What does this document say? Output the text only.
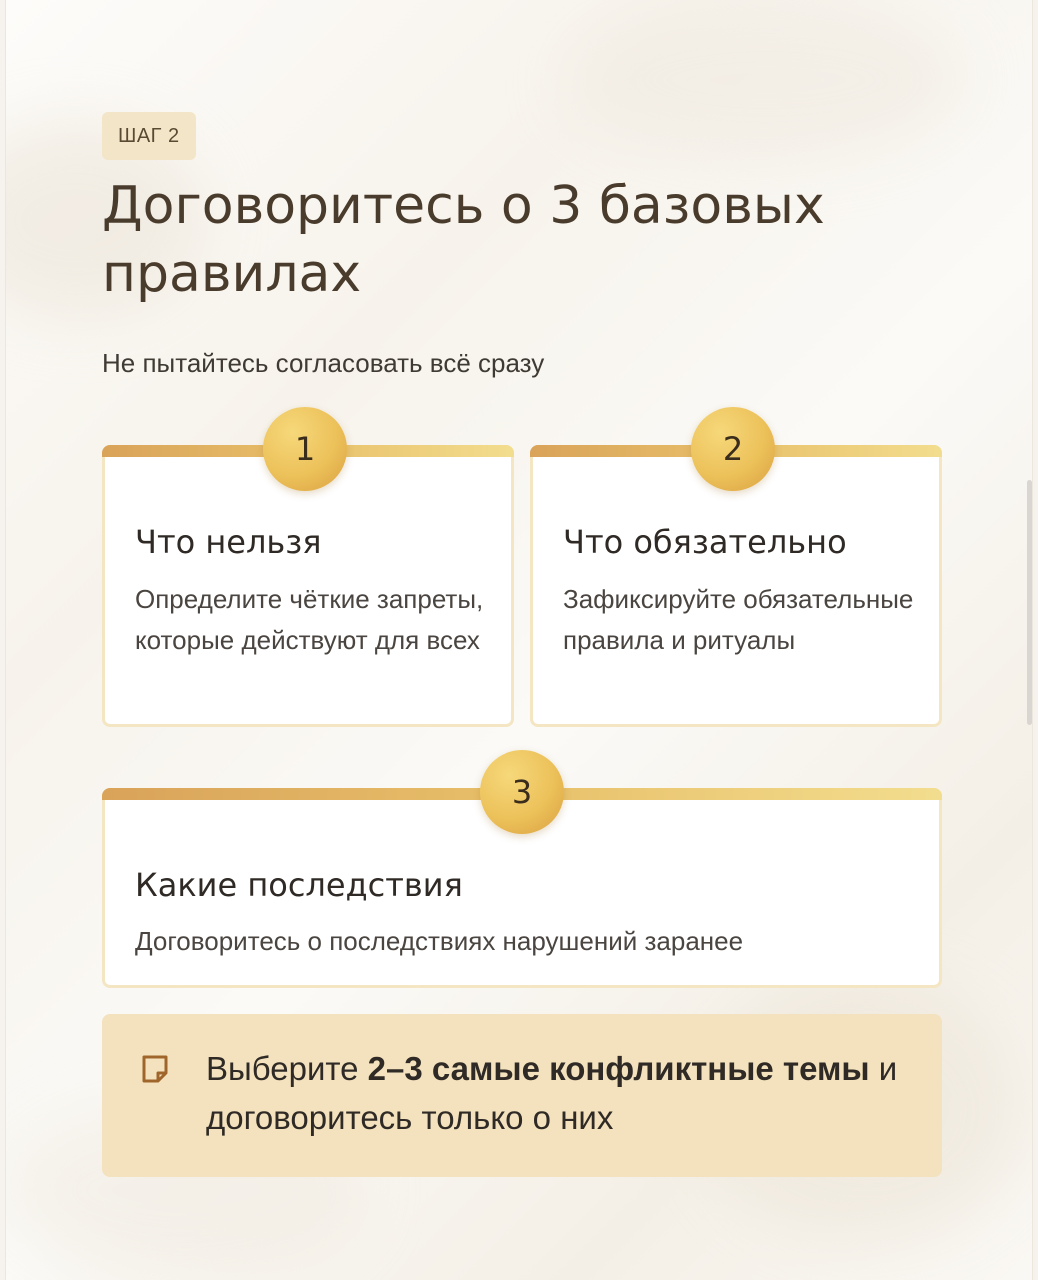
ШАГ 2
Договоритесь о 3 базовых правилах
Не пытайтесь согласовать всё сразу
1
Что нельзя
Определите чёткие запреты, которые действуют для всех
2
Что обязательно
Зафиксируйте обязательные правила и ритуалы
3
Какие последствия
Договоритесь о последствиях нарушений заранее
Выберите 2–3 самые конфликтные темы и договоритесь только о них
